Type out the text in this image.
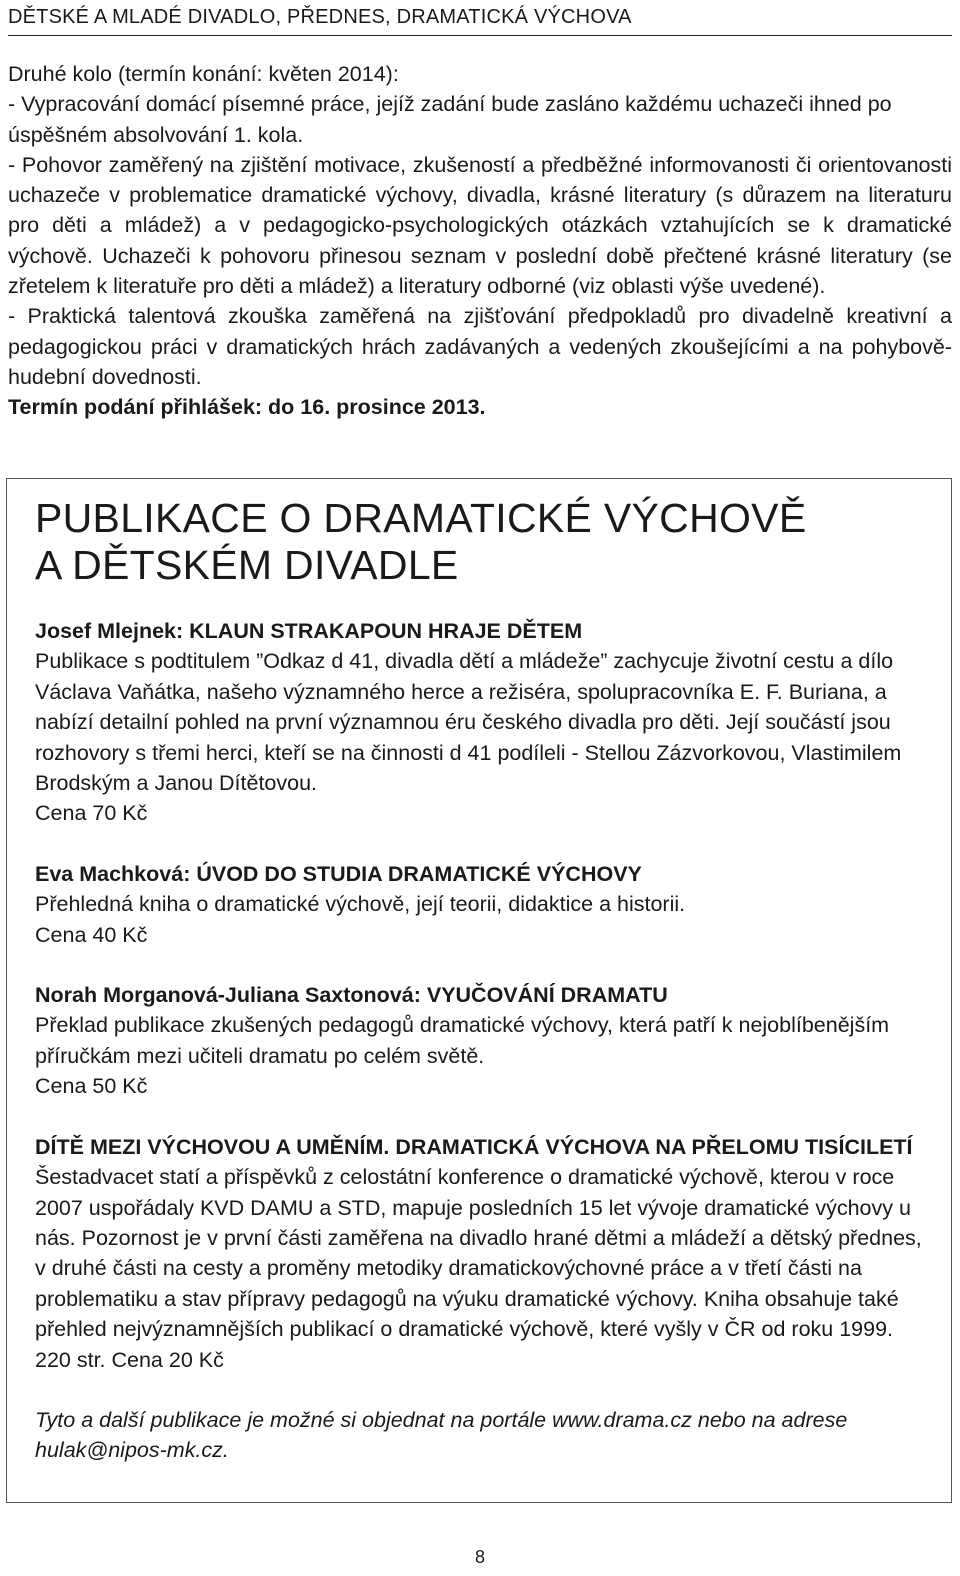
DĚTSKÉ A MLADÉ DIVADLO, PŘEDNES, DRAMATICKÁ VÝCHOVA

Druhé kolo (termín konání: květen 2014):

- Vypracování domácí písemné práce, jejíž zadání bude zasláno každému uchazeči ihned po úspěšném absolvování 1. kola.

- Pohovor zaměřený na zjištění motivace, zkušeností a předběžné informovanosti či orientovanosti uchazeče v problematice dramatické výchovy, divadla, krásné literatury (s důrazem na literaturu pro děti a mládež) a v pedagogicko-psychologických otázkách vztahujících se k dramatické výchově. Uchazeči k pohovoru přinesou seznam v poslední době přečtené krásné literatury (se zřetelem k literatuře pro děti a mládež) a literatury odborné (viz oblasti výše uvedené).

- Praktická talentová zkouška zaměřená na zjišťování předpokladů pro divadelně kreativní a pedagogickou práci v dramatických hrách zadávaných a vedených zkoušejícími a na pohybově-hudební dovednosti.

Termín podání přihlášek: do 16. prosince 2013.

PUBLIKACE O DRAMATICKÉ VÝCHOVĚ
A DĚTSKÉM DIVADLE

Josef Mlejnek: KLAUN STRAKAPOUN HRAJE DĚTEM

Publikace s podtitulem ”Odkaz d 41, divadla dětí a mládeže” zachycuje životní cestu a dílo Václava Vaňátka, našeho významného herce a režiséra, spolupracovníka E. F. Buriana, a nabízí detailní pohled na první významnou éru českého divadla pro děti. Její součástí jsou rozhovory s třemi herci, kteří se na činnosti d 41 podíleli - Stellou Zázvorkovou, Vlastimilem Brodským a Janou Dítětovou.

Cena 70 Kč

Eva Machková: ÚVOD DO STUDIA DRAMATICKÉ VÝCHOVY

Přehledná kniha o dramatické výchově, její teorii, didaktice a historii.

Cena 40 Kč

Norah Morganová-Juliana Saxtonová: VYUČOVÁNÍ DRAMATU

Překlad publikace zkušených pedagogů dramatické výchovy, která patří k nejoblíbenějším příručkám mezi učiteli dramatu po celém světě.

Cena 50 Kč

DÍTĚ MEZI VÝCHOVOU A UMĚNÍM. DRAMATICKÁ VÝCHOVA NA PŘELOMU TISÍCILETÍ

Šestadvacet statí a příspěvků z celostátní konference o dramatické výchově, kterou v roce 2007 uspořádaly KVD DAMU a STD, mapuje posledních 15 let vývoje dramatické výchovy u nás. Pozornost je v první části zaměřena na divadlo hrané dětmi a mládeží a dětský přednes, v druhé části na cesty a proměny metodiky dramatickovýchovné práce a v třetí části na problematiku a stav přípravy pedagogů na výuku dramatické výchovy. Kniha obsahuje také přehled nejvýznamnějších publikací o dramatické výchově, které vyšly v ČR od roku 1999. 220 str. Cena 20 Kč

Tyto a další publikace je možné si objednat na portále www.drama.cz nebo na adrese hulak@nipos-mk.cz.

8
